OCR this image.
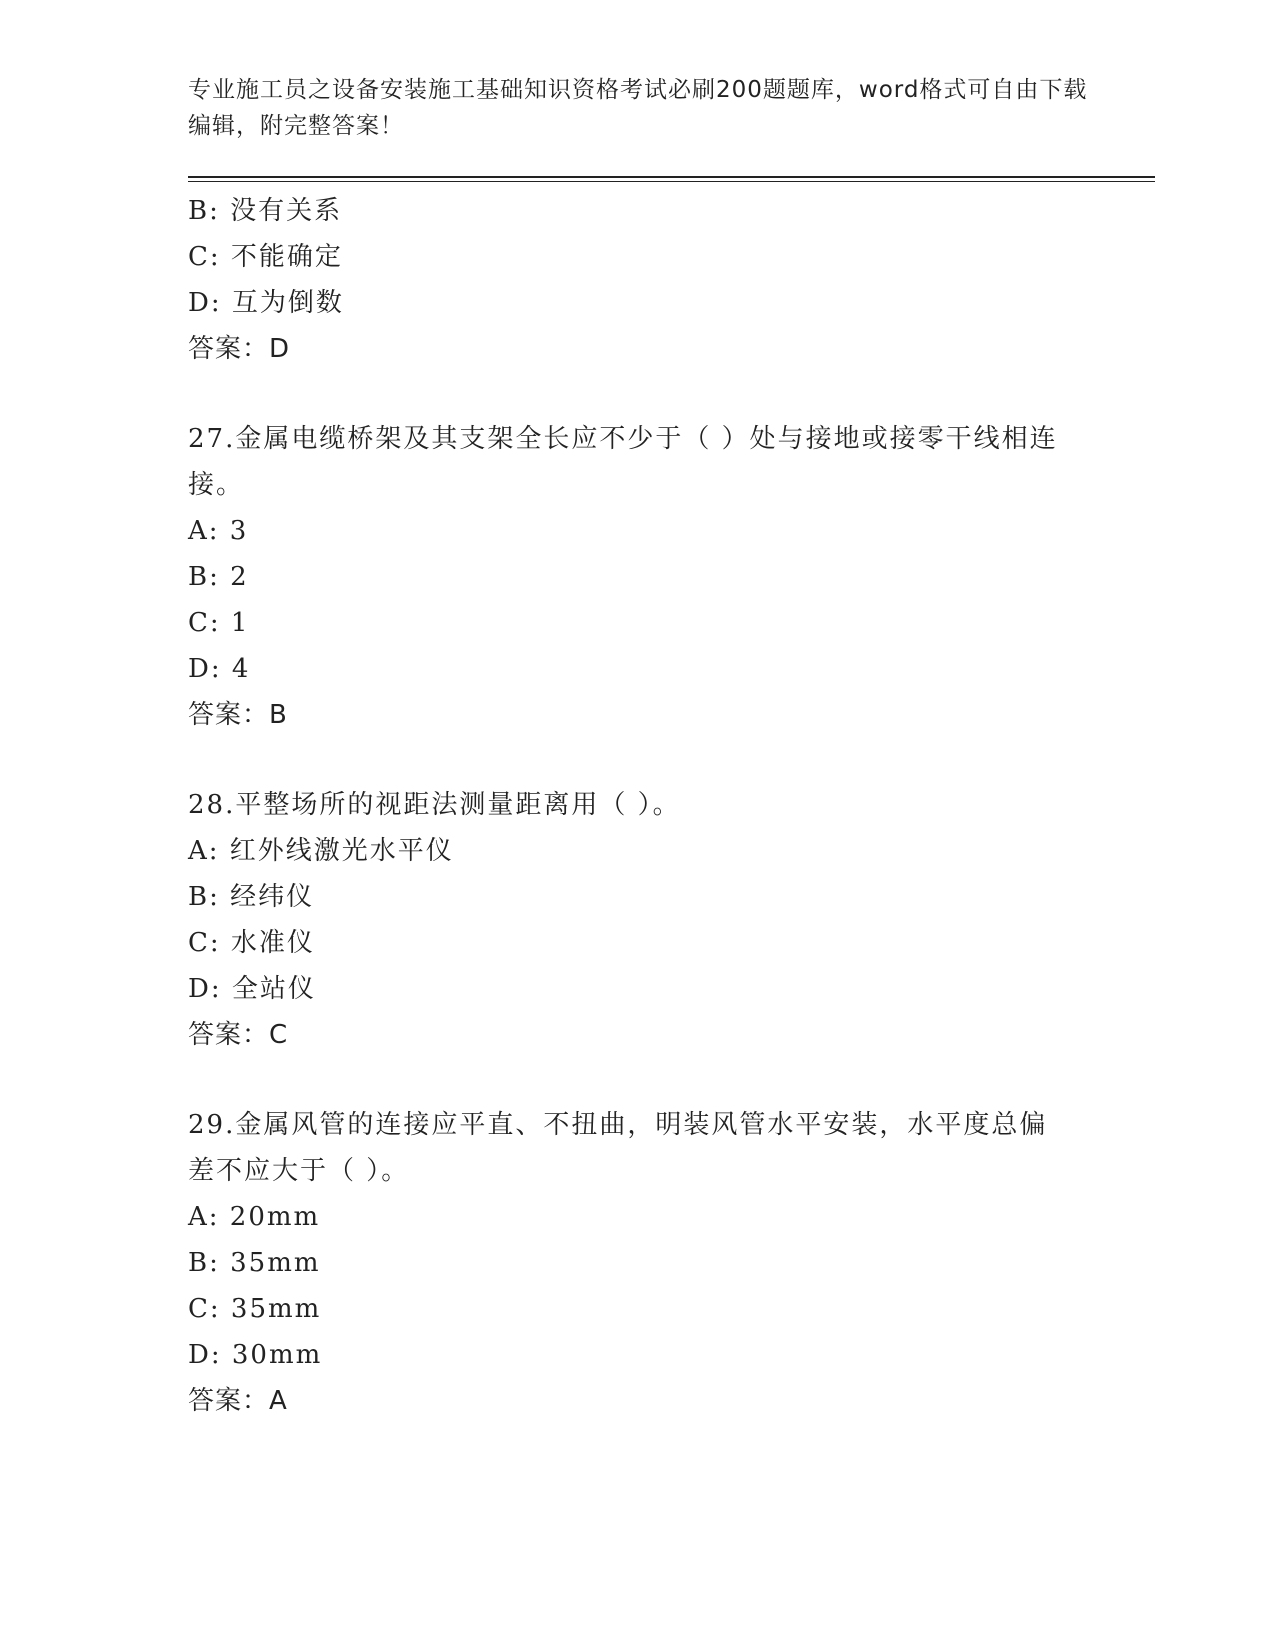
专业施工员之设备安装施工基础知识资格考试必刷200题题库，word格式可自由下载编辑，附完整答案！
B: 没有关系
C: 不能确定
D: 互为倒数
答案：D
27.金属电缆桥架及其支架全长应不少于（ ）处与接地或接零干线相连接。
A: 3
B: 2
C: 1
D: 4
答案：B
28.平整场所的视距法测量距离用（ ）。
A: 红外线激光水平仪
B: 经纬仪
C: 水准仪
D: 全站仪
答案：C
29.金属风管的连接应平直、不扭曲，明装风管水平安装，水平度总偏差不应大于（ ）。
A: 20mm
B: 35mm
C: 35mm
D: 30mm
答案：A
